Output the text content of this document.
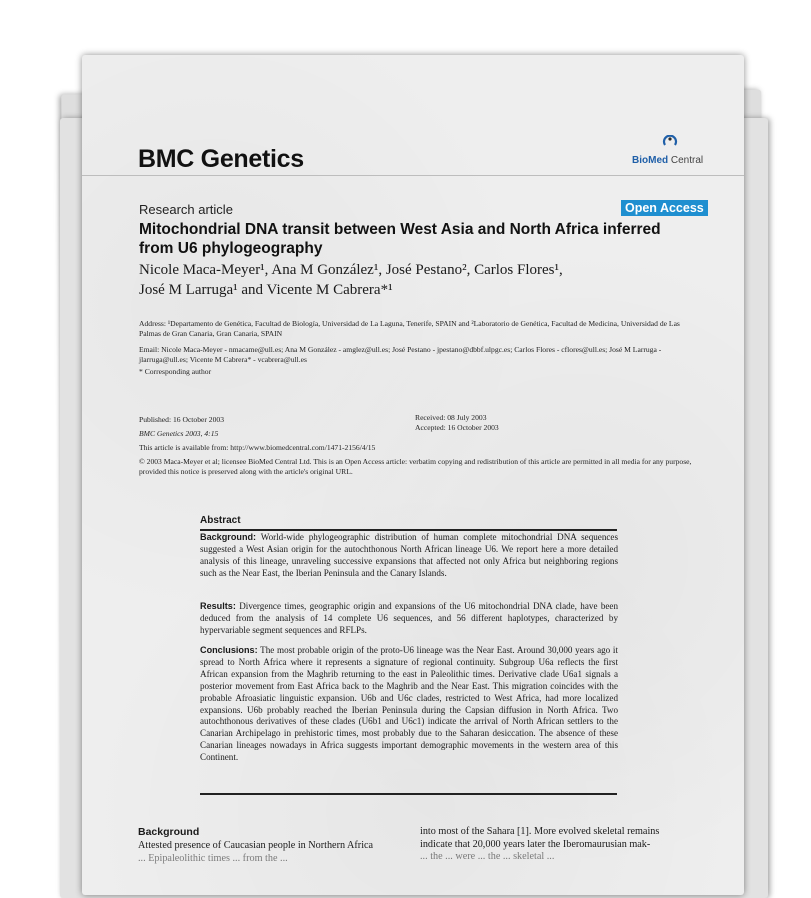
BMC Genetics	BioMed Central
Research article	Open Access
Mitochondrial DNA transit between West Asia and North Africa inferred from U6 phylogeography
Nicole Maca-Meyer¹, Ana M González¹, José Pestano², Carlos Flores¹,
José M Larruga¹ and Vicente M Cabrera*¹
Address: ¹Departamento de Genética, Facultad de Biología, Universidad de La Laguna, Tenerife, SPAIN and ²Laboratorio de Genética, Facultad de Medicina, Universidad de Las Palmas de Gran Canaria, Gran Canaria, SPAIN
Email: Nicole Maca-Meyer - nmacame@ull.es; Ana M González - amglez@ull.es; José Pestano - jpestano@dbbf.ulpgc.es; Carlos Flores - cflores@ull.es; José M Larruga - jlarruga@ull.es; Vicente M Cabrera* - vcabrera@ull.es
* Corresponding author
Published: 16 October 2003
BMC Genetics 2003, 4:15
Received: 08 July 2003
Accepted: 16 October 2003
This article is available from: http://www.biomedcentral.com/1471-2156/4/15
© 2003 Maca-Meyer et al; licensee BioMed Central Ltd. This is an Open Access article: verbatim copying and redistribution of this article are permitted in all media for any purpose, provided this notice is preserved along with the article's original URL.
Abstract
Background: World-wide phylogeographic distribution of human complete mitochondrial DNA sequences suggested a West Asian origin for the autochthonous North African lineage U6. We report here a more detailed analysis of this lineage, unraveling successive expansions that affected not only Africa but neighboring regions such as the Near East, the Iberian Peninsula and the Canary Islands.
Results: Divergence times, geographic origin and expansions of the U6 mitochondrial DNA clade, have been deduced from the analysis of 14 complete U6 sequences, and 56 different haplotypes, characterized by hypervariable segment sequences and RFLPs.
Conclusions: The most probable origin of the proto-U6 lineage was the Near East. Around 30,000 years ago it spread to North Africa where it represents a signature of regional continuity. Subgroup U6a reflects the first African expansion from the Maghrib returning to the east in Paleolithic times. Derivative clade U6a1 signals a posterior movement from East Africa back to the Maghrib and the Near East. This migration coincides with the probable Afroasiatic linguistic expansion. U6b and U6c clades, restricted to West Africa, had more localized expansions. U6b probably reached the Iberian Peninsula during the Capsian diffusion in North Africa. Two autochthonous derivatives of these clades (U6b1 and U6c1) indicate the arrival of North African settlers to the Canarian Archipelago in prehistoric times, most probably due to the Saharan desiccation. The absence of these Canarian lineages nowadays in Africa suggests important demographic movements in the western area of this Continent.
Background
Attested presence of Caucasian people in Northern Africa
... Epipaleolithic times ... from the ...
into most of the Sahara [1]. More evolved skeletal remains
indicate that 20,000 years later the Iberomaurusian mak-
... the ... were ... the ... skeletal ...
